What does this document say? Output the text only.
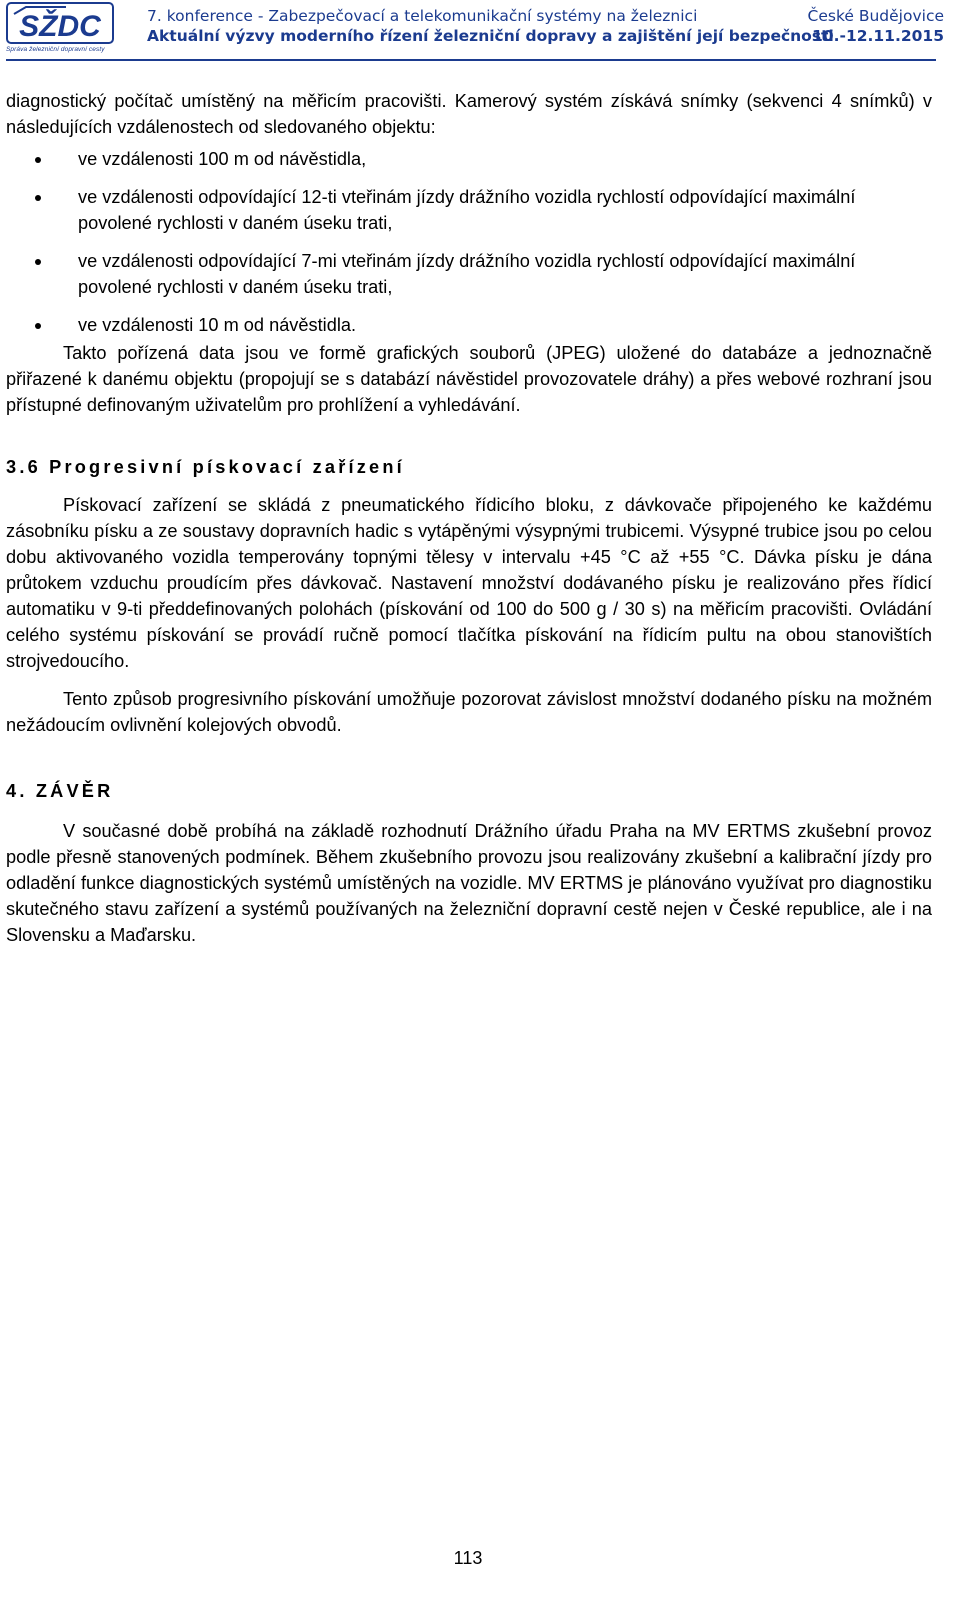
SŽDC
Správa železniční dopravní cesty
7. konference - Zabezpečovací a telekomunikační systémy na železnici
Aktuální výzvy moderního řízení železniční dopravy a zajištění její bezpečnosti
České Budějovice
10.-12.11.2015

diagnostický počítač umístěný na měřicím pracovišti. Kamerový systém získává snímky (sekvenci 4 snímků) v následujících vzdálenostech od sledovaného objektu:

ve vzdálenosti 100 m od návěstidla,
ve vzdálenosti odpovídající 12-ti vteřinám jízdy drážního vozidla rychlostí odpovídající maximální povolené rychlosti v daném úseku trati,
ve vzdálenosti odpovídající 7-mi vteřinám jízdy drážního vozidla rychlostí odpovídající maximální povolené rychlosti v daném úseku trati,
ve vzdálenosti 10 m od návěstidla.

Takto pořízená data jsou ve formě grafických souborů (JPEG) uložené do databáze a jednoznačně přiřazené k danému objektu (propojují se s databází návěstidel provozovatele dráhy) a přes webové rozhraní jsou přístupné definovaným uživatelům pro prohlížení a vyhledávání.

3.6 Progresivní pískovací zařízení

Pískovací zařízení se skládá z pneumatického řídicího bloku, z dávkovače připojeného ke každému zásobníku písku a ze soustavy dopravních hadic s vytápěnými výsypnými trubicemi. Výsypné trubice jsou po celou dobu aktivovaného vozidla temperovány topnými tělesy v intervalu +45 °C až +55 °C. Dávka písku je dána průtokem vzduchu proudícím přes dávkovač. Nastavení množství dodávaného písku je realizováno přes řídicí automatiku v 9-ti předdefinovaných polohách (pískování od 100 do 500 g / 30 s) na měřicím pracovišti. Ovládání celého systému pískování se provádí ručně pomocí tlačítka pískování na řídicím pultu na obou stanovištích strojvedoucího.

Tento způsob progresivního pískování umožňuje pozorovat závislost množství dodaného písku na možném nežádoucím ovlivnění kolejových obvodů.

4. ZÁVĚR

V současné době probíhá na základě rozhodnutí Drážního úřadu Praha na MV ERTMS zkušební provoz podle přesně stanovených podmínek. Během zkušebního provozu jsou realizovány zkušební a kalibrační jízdy pro odladění funkce diagnostických systémů umístěných na vozidle. MV ERTMS je plánováno využívat pro diagnostiku skutečného stavu zařízení a systémů používaných na železniční dopravní cestě nejen v České republice, ale i na Slovensku a Maďarsku.

113
